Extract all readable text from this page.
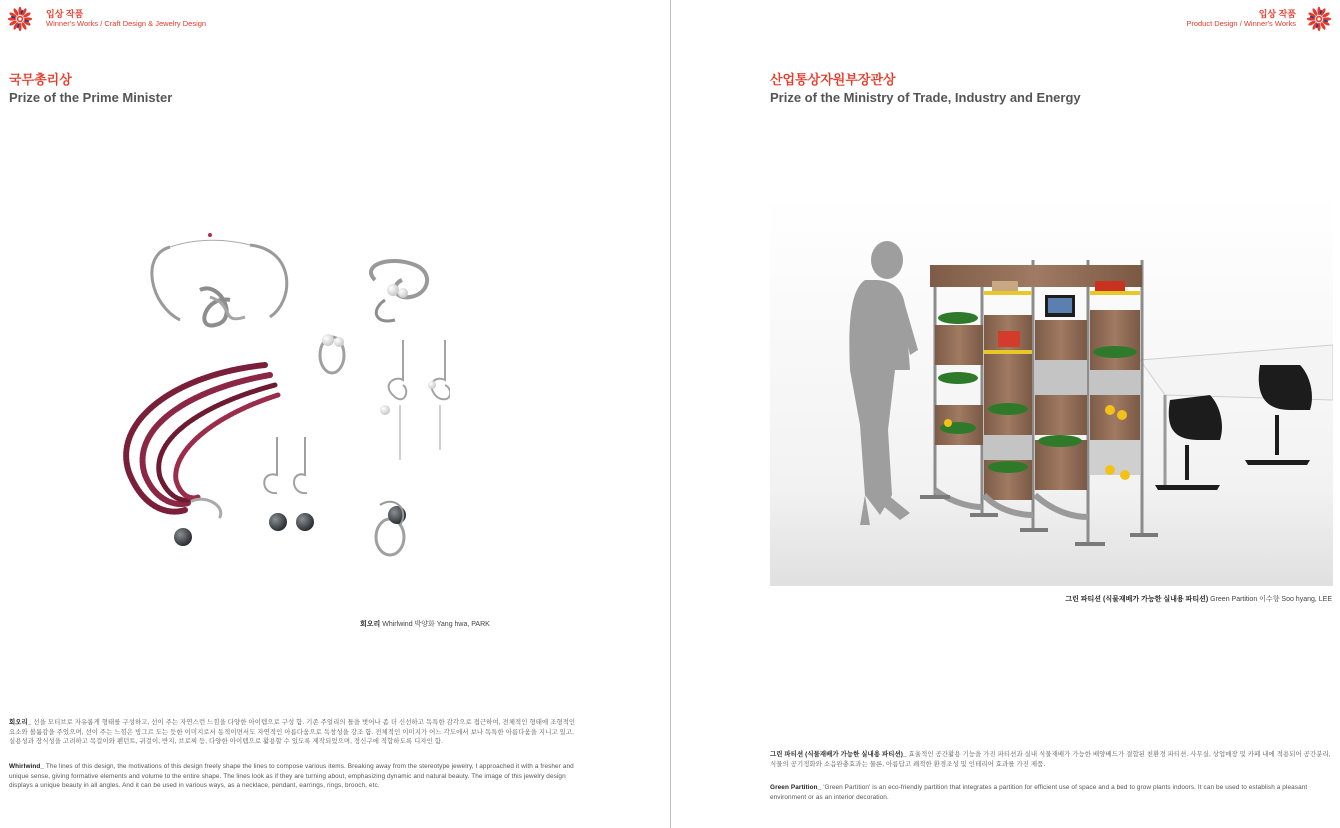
입상 작품
Winner's Works / Craft Design & Jewelry Design
국무총리상
Prize of the Prime Minister
회오리 Whirlwind 박양화 Yang hwa, PARK
회오리_ 선을 모티브로 자유롭게 형태를 구성하고, 선이 주는 자연스런 느낌을 다양한 아이템으로 구성 함. 기존 주얼리의 틀을 벗어나 좀 더 신선하고 독특한 감각으로 접근하여, 전체적인 형태에 조형적인 요소와 볼륨감을 주었으며, 선이 주는 느낌은 빙그르 도는 듯한 이미지로서 동적이면서도 자연적인 아름다움으로 독창성을 강조 함. 전체적인 이미지가 어느 각도에서 보나 독특한 아름다움을 지니고 있고, 실용성과 장식성을 고려하고 목걸이와 펜던트, 귀걸이, 반지, 브로찌 등, 다양한 아이템으로 활용할 수 있도록 제작되었으며, 정신구에 적합하도록 디자인 함.
Whirlwind_ The lines of this design, the motivations of this design freely shape the lines to compose various items. Breaking away from the stereotype jewelry, I approached it with a fresher and unique sense, giving formative elements and volume to the entire shape. The lines look as if they are turning about, emphasizing dynamic and natural beauty. The image of this jewelry design displays a unique beauty in all angles. And it can be used in various ways, as a necklace, pendant, earrings, rings, brooch, etc.
입상 작품
Product Design / Winner's Works
산업통상자원부장관상
Prize of the Ministry of Trade, Industry and Energy
그린 파티션 (식물재배가 가능한 실내용 파티션) Green Partition 이수향 Soo hyang, LEE
그린 파티션 (식물재배가 가능한 실내용 파티션)_ 효율적인 공간활용 기능을 가진 파티션과 실내 식물재배가 가능한 배양베드가 결합된 친환경 파티션. 사무실, 상업매장 및 카페 내에 적용되어 공간분리, 식물의 공기정화와 소음완충효과는 물론, 아름답고 쾌적한 환경조성 및 인테리어 효과를 가진 제품.
Green Partition_ 'Green Partition' is an eco-friendly partition that integrates a partition for efficient use of space and a bed to grow plants indoors. It can be used to establish a pleasant environment or as an interior decoration.
